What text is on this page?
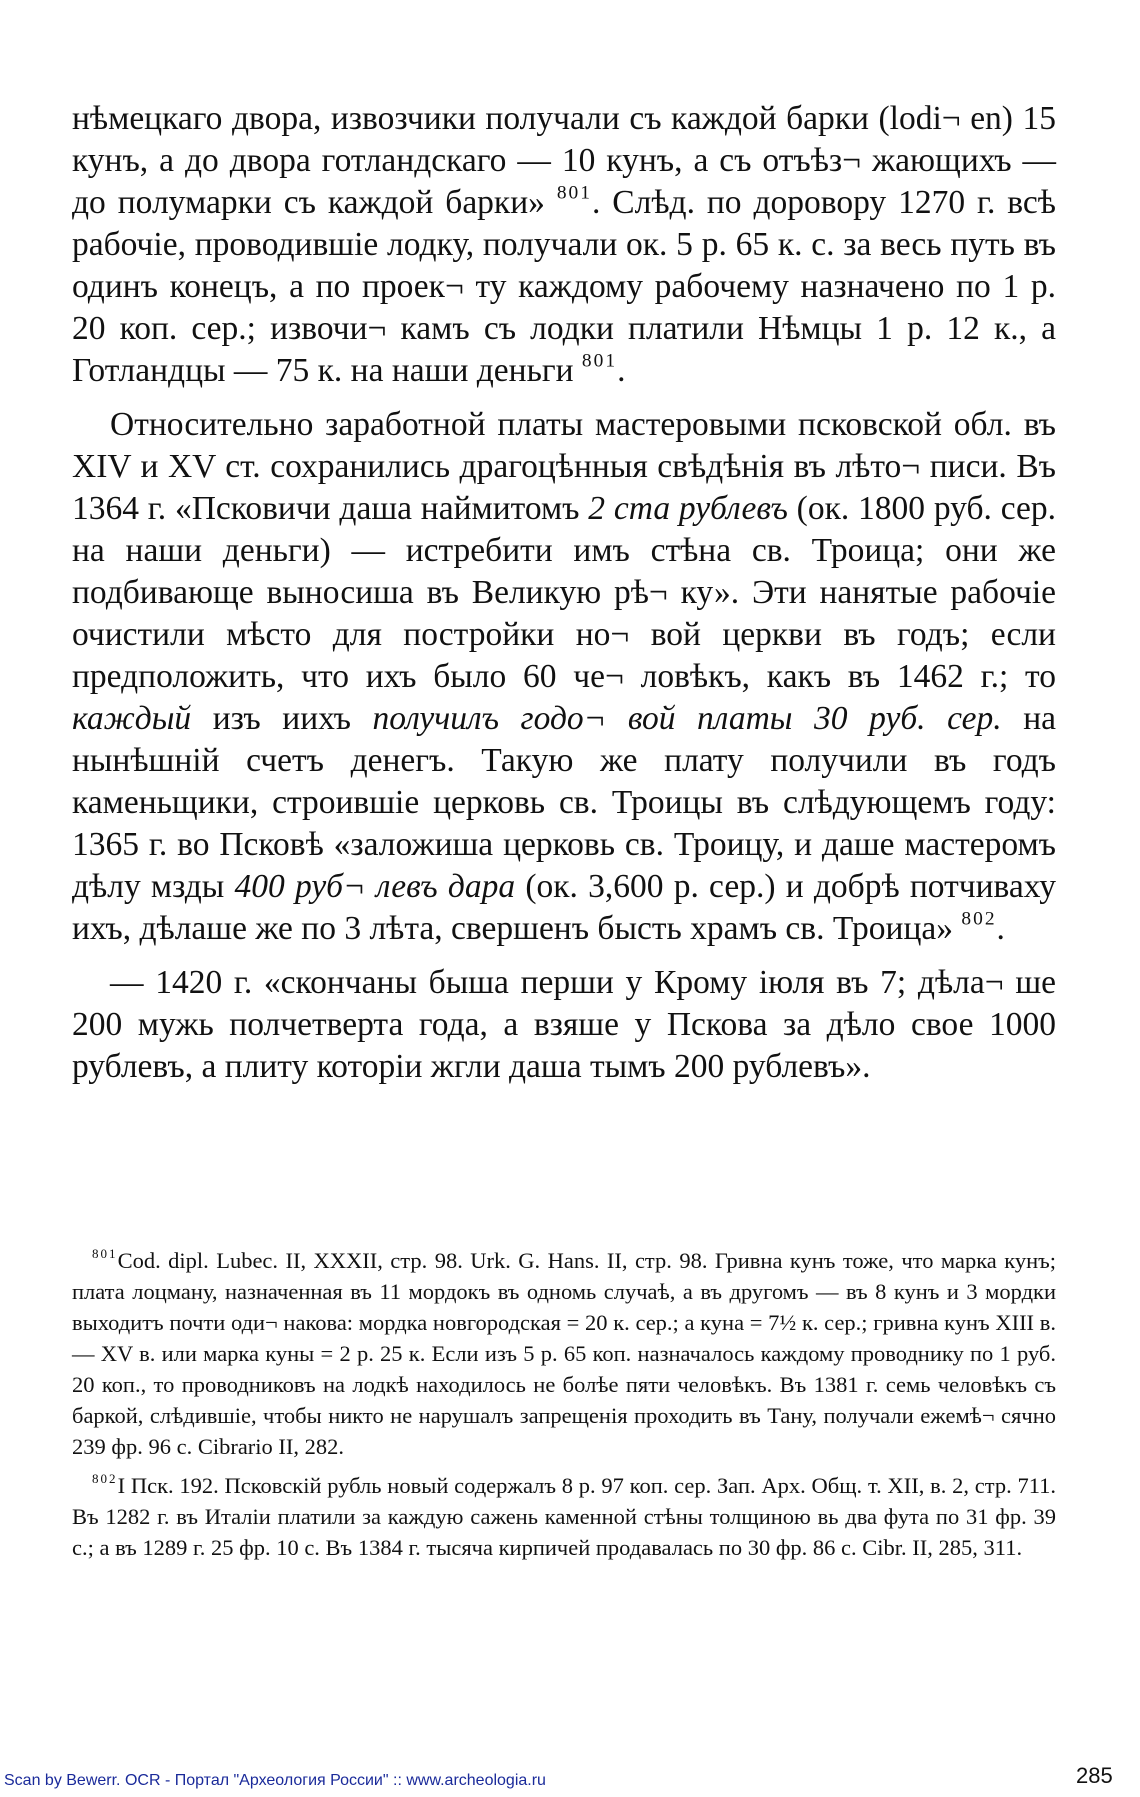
нѣмецкаго двора, извозчики получали съ каждой барки (lodi¬ en) 15 кунъ, а до двора готландскаго — 10 кунъ, а съ отъѣз¬ жающихъ — до полумарки съ каждой барки» $^{801}$. Слѣд. по доровору 1270 г. всѣ рабочіе, проводившіе лодку, получали ок. 5 р. 65 к. с. за весь путь въ одинъ конецъ, а по проек¬ ту каждому рабочему назначено по 1 р. 20 коп. сер.; извочи¬ камъ съ лодки платили Нѣмцы 1 р. 12 к., а Готландцы — 75 к. на наши деньги $^{801}$.

Относительно заработной платы мастеровыми псковской обл. въ XIV и XV ст. сохранились драгоцѣнныя свѣдѣнія въ лѣто¬ писи. Въ 1364 г. «Псковичи даша наймитомъ 2 ста рублевъ (ок. 1800 руб. сер. на наши деньги) — истребити имъ стѣна св. Троица; они же подбивающе выносиша въ Великую рѣ¬ ку». Эти нанятые рабочіе очистили мѣсто для постройки но¬ вой церкви въ годъ; если предположить, что ихъ было 60 че¬ ловѣкъ, какъ въ 1462 г.; то каждый изъ иихъ получилъ годо¬ вой платы 30 руб. сер. на нынѣшній счетъ денегъ. Такую же плату получили въ годъ каменьщики, строившіе церковь св. Троицы въ слѣдующемъ году: 1365 г. во Псковѣ «заложиша церковь св. Троицу, и даше мастеромъ дѣлу мзды 400 руб¬ левъ дара (ок. 3,600 р. сер.) и добрѣ потчиваху ихъ, дѣлаше же по 3 лѣта, свершенъ бысть храмъ св. Троица» $^{802}$.

— 1420 г. «скончаны быша перши у Крому іюля въ 7; дѣла¬ ше 200 мужь полчетверта года, а взяше у Пскова за дѣло свое 1000 рублевъ, а плиту которіи жгли даша тымъ 200 рублевъ».

$^{801}$Cod. dipl. Lubec. II, XXXII, стр. 98. Urk. G. Hans. II, стр. 98. Гривна кунъ тоже, что марка кунъ; плата лоцману, назначенная въ 11 мордокъ въ одномь случаѣ, а въ другомъ — въ 8 кунъ и 3 мордки выходитъ почти оди¬ накова: мордка новгородская = 20 к. сер.; а куна = 7½ к. сер.; гривна кунъ XIII в. — XV в. или марка куны = 2 р. 25 к. Если изъ 5 р. 65 коп. назначалось каждому проводнику по 1 руб. 20 коп., то проводниковъ на лодкѣ находилось не болѣе пяти человѣкъ. Въ 1381 г. семь человѣкъ съ баркой, слѣдившіе, чтобы никто не нарушалъ запрещенія проходить въ Тану, получали ежемѣ¬ сячно 239 фр. 96 с. Cibrario II, 282.

$^{802}$I Пск. 192. Псковскій рубль новый содержалъ 8 р. 97 коп. сер. Зап. Арх. Общ. т. XII, в. 2, стр. 711. Въ 1282 г. въ Италіи платили за каждую сажень каменной стѣны толщиною вь два фута по 31 фр. 39 с.; а въ 1289 г. 25 фр. 10 с. Въ 1384 г. тысяча кирпичей продавалась по 30 фр. 86 с. Cibr. II, 285, 311.

Scan by Bewerr. OCR - Портал "Археология России" :: www.archeologia.ru	285
